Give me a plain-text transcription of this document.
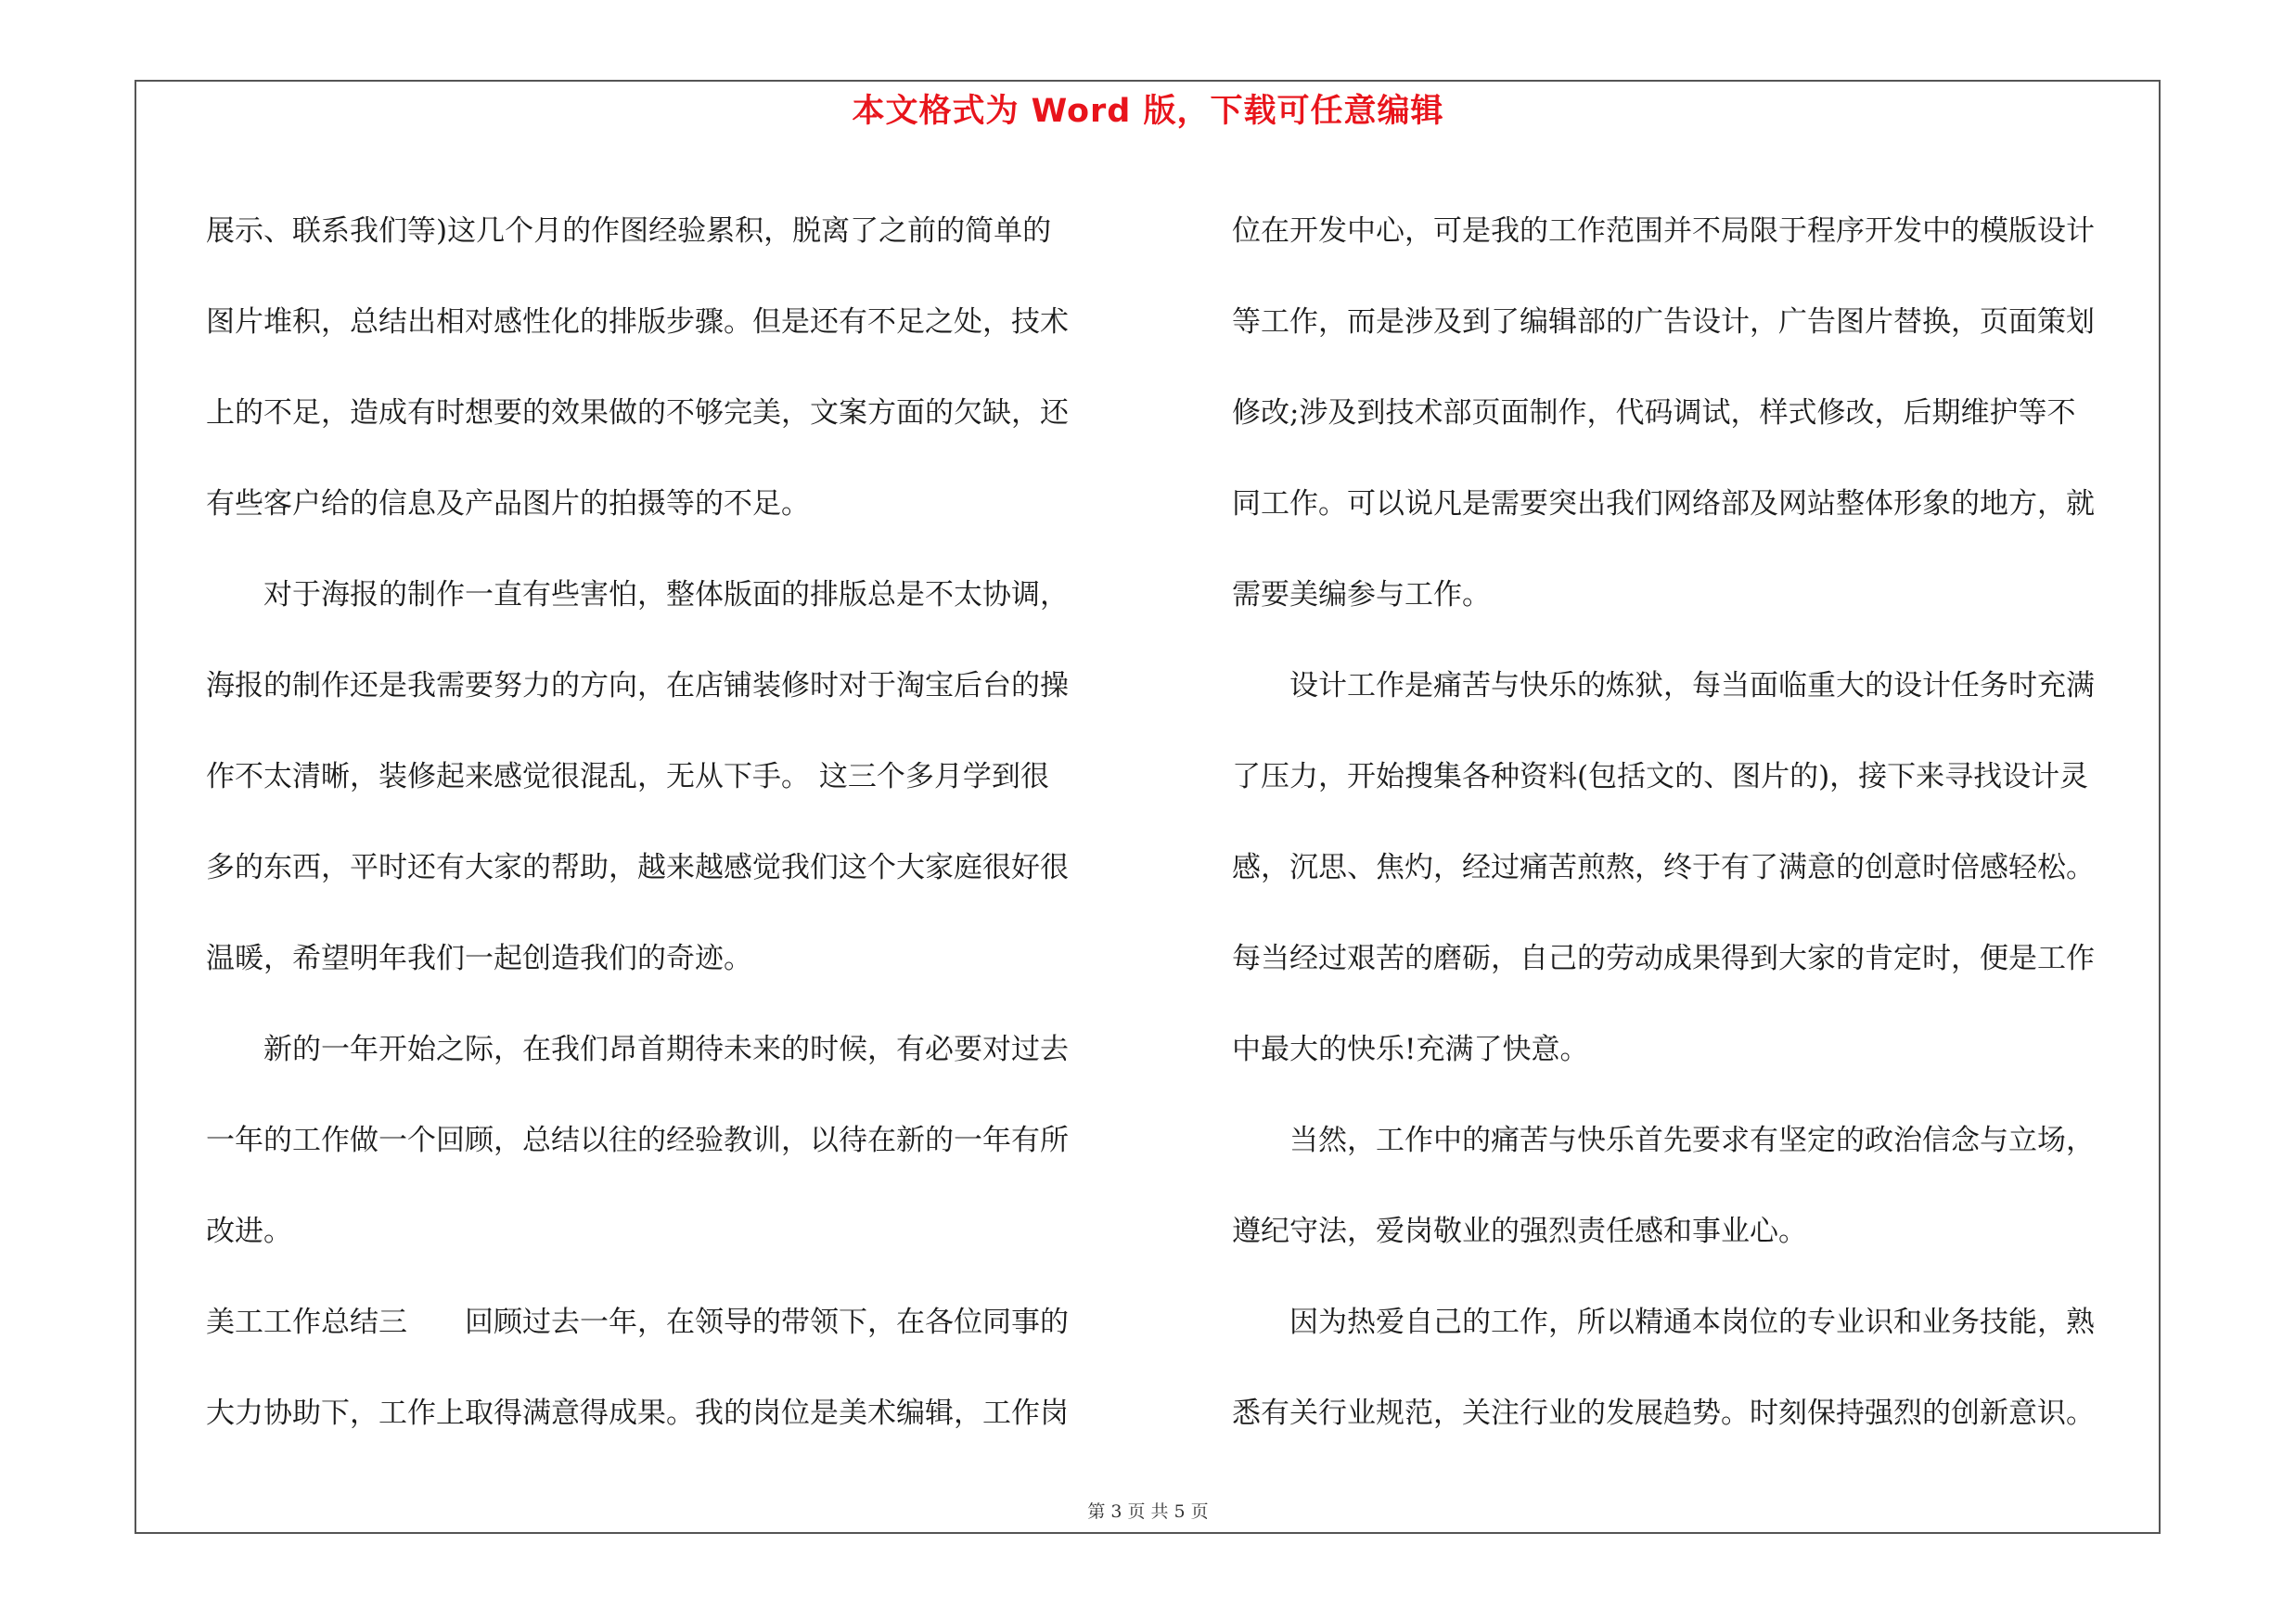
本文格式为 Word 版，下载可任意编辑
展示、联系我们等)这几个月的作图经验累积，脱离了之前的简单的
图片堆积，总结出相对感性化的排版步骤。但是还有不足之处，技术
上的不足，造成有时想要的效果做的不够完美，文案方面的欠缺，还
有些客户给的信息及产品图片的拍摄等的不足。
　　对于海报的制作一直有些害怕，整体版面的排版总是不太协调，
海报的制作还是我需要努力的方向，在店铺装修时对于淘宝后台的操
作不太清晰，装修起来感觉很混乱，无从下手。 这三个多月学到很
多的东西，平时还有大家的帮助，越来越感觉我们这个大家庭很好很
温暖，希望明年我们一起创造我们的奇迹。
　　新的一年开始之际，在我们昂首期待未来的时候，有必要对过去
一年的工作做一个回顾，总结以往的经验教训，以待在新的一年有所
改进。
美工工作总结三　　回顾过去一年，在领导的带领下，在各位同事的
大力协助下，工作上取得满意得成果。我的岗位是美术编辑，工作岗
位在开发中心，可是我的工作范围并不局限于程序开发中的模版设计
等工作，而是涉及到了编辑部的广告设计，广告图片替换，页面策划
修改;涉及到技术部页面制作，代码调试，样式修改，后期维护等不
同工作。可以说凡是需要突出我们网络部及网站整体形象的地方，就
需要美编参与工作。
　　设计工作是痛苦与快乐的炼狱，每当面临重大的设计任务时充满
了压力，开始搜集各种资料(包括文的、图片的)，接下来寻找设计灵
感，沉思、焦灼，经过痛苦煎熬，终于有了满意的创意时倍感轻松。
每当经过艰苦的磨砺，自己的劳动成果得到大家的肯定时，便是工作
中最大的快乐!充满了快意。
　　当然，工作中的痛苦与快乐首先要求有坚定的政治信念与立场，
遵纪守法，爱岗敬业的强烈责任感和事业心。
　　因为热爱自己的工作，所以精通本岗位的专业识和业务技能，熟
悉有关行业规范，关注行业的发展趋势。时刻保持强烈的创新意识。
第 3 页 共 5 页
